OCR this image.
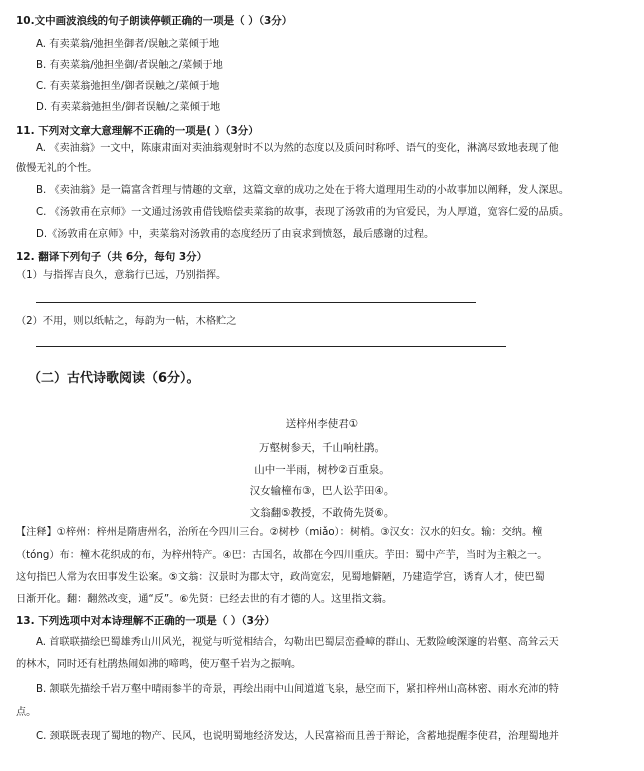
10.文中画波浪线的句子朗读停顿正确的一项是（ ）（3分）
A. 有卖菜翁/弛担坐御者/误触之菜倾于地
B. 有卖菜翁/弛担坐御/者误触之/菜倾于地
C. 有卖菜翁弛担坐/御者误触之/菜倾于地
D. 有卖菜翁弛担坐/御者误触/之菜倾于地
11. 下列对文章大意理解不正确的一项是( ）（3分）
A. 《卖油翁》一文中，陈康肃面对卖油翁观射时不以为然的态度以及质问时称呼、语气的变化，淋漓尽致地表现了他
傲慢无礼的个性。
B. 《卖油翁》是一篇富含哲理与情趣的文章，这篇文章的成功之处在于将大道理用生动的小故事加以阐释，发人深思。
C. 《汤敦甫在京师》一文通过汤敦甫借钱赔偿卖菜翁的故事，表现了汤敦甫的为官爱民，为人厚道，宽容仁爱的品质。
D.《汤敦甫在京师》中，卖菜翁对汤敦甫的态度经历了由哀求到愤怒，最后感谢的过程。
12. 翻译下列句子（共 6分，每句 3分）
（1）与指挥吉良久，意翁行已远，乃别指挥。
（2）不用，则以纸帖之，每韵为一帖，木格贮之
（二）古代诗歌阅读（6分）。
送梓州李使君①
万壑树参天，千山响杜鹃。
山中一半雨，树杪②百重泉。
汉女输橦布③，巴人讼芋田④。
文翁翻⑤教授，不敢倚先贤⑥。
【注释】①梓州：梓州是隋唐州名，治所在今四川三台。②树杪（miǎo）：树梢。③汉女：汉水的妇女。输：交纳。橦
（tóng）布：橦木花织成的布，为梓州特产。④巴：古国名，故都在今四川重庆。芋田：蜀中产芋，当时为主粮之一。
这句指巴人常为农田事发生讼案。⑤文翁：汉景时为郡太守，政尚宽宏，见蜀地僻陋，乃建造学宫，诱育人才，使巴蜀
日渐开化。翻：翻然改变，通“反”。⑥先贤：已经去世的有才德的人。这里指文翁。
13. 下列选项中对本诗理解不正确的一项是（ ）（3分）
A. 首联联描绘巴蜀雄秀山川风光，视觉与听觉相结合，勾勒出巴蜀层峦叠嶂的群山、无数险峻深邃的岩壑、高耸云天
的林木，同时还有杜鹃热闹如沸的啼鸣，使万壑千岩为之振响。
B. 颔联先描绘千岩万壑中晴雨参半的奇景，再绘出雨中山间道道飞泉，悬空而下，紧扣梓州山高林密、雨水充沛的特
点。
C. 颈联既表现了蜀地的物产、民风，也说明蜀地经济发达，人民富裕而且善于辩论，含蓄地提醒李使君，治理蜀地并
